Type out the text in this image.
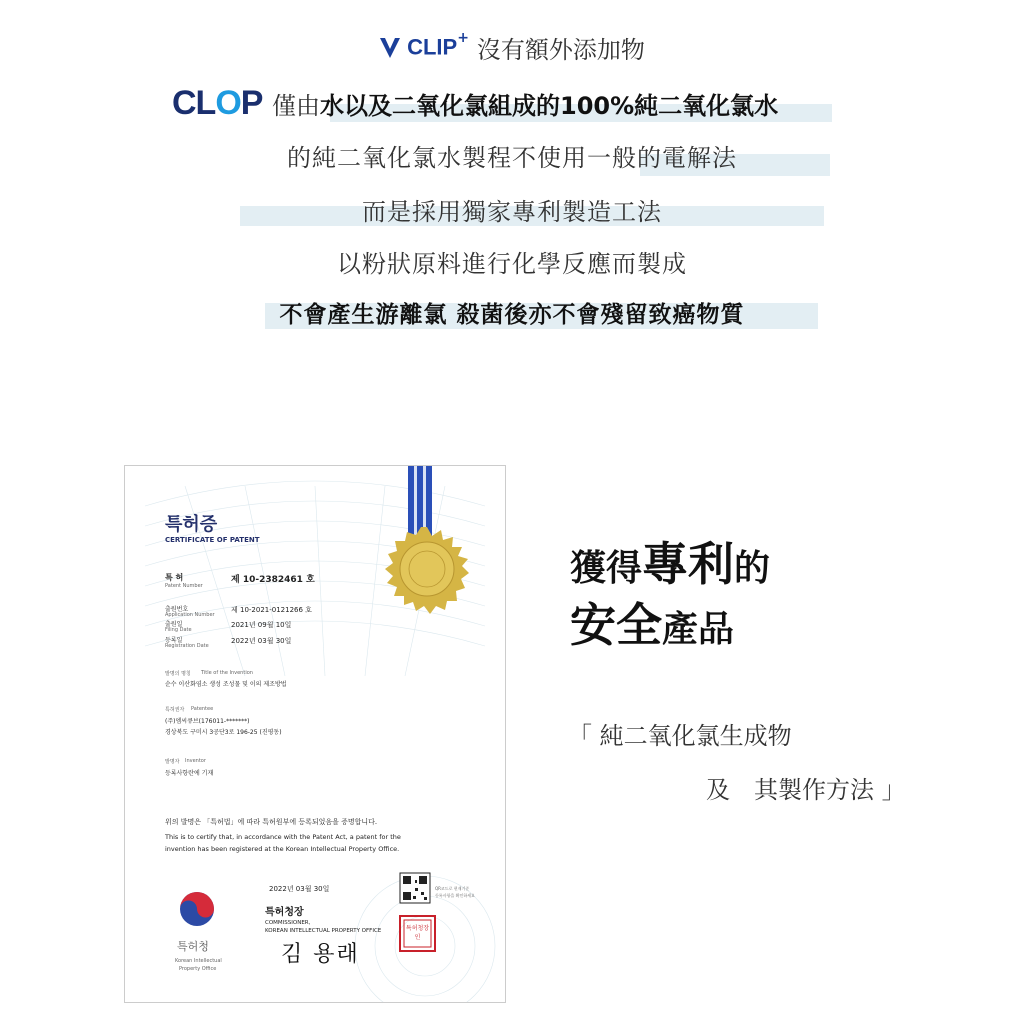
CLIP+ 沒有額外添加物
CLOP 僅由水以及二氧化氯組成的100%純二氧化氯水
的純二氧化氯水製程不使用一般的電解法
而是採用獨家專利製造工法
以粉狀原料進行化學反應而製成
不會產生游離氯 殺菌後亦不會殘留致癌物質
특허증
CERTIFICATE OF PATENT
특 허
Patent Number
제 10-2382461 호
출원번호
Application Number
제 10-2021-0121266 호
출원일
Filing Date
2021년 09월 10일
등록일
Registration Date
2022년 03월 30일
발명의 명칭 Title of the Invention
순수 이산화염소 생성 조성물 및 이의 제조방법
특허권자 Patentee
(주)엠씨큐브(176011-*******)
경상북도 구미시 3공단3로 196-25 (진평동)
발명자 Inventor
등록사항란에 기재
위의 발명은 「특허법」에 따라 특허원부에 등록되었음을 증명합니다.
This is to certify that, in accordance with the Patent Act, a patent for the
invention has been registered at the Korean Intellectual Property Office.
2022년 03월 30일	QR코드로 현재기준
등록사항을 확인하세요
특허청장
COMMISSIONER,
KOREAN INTELLECTUAL PROPERTY OFFICE
김 용래
특허청장인
특허청
Korean Intellectual
Property Office
獲得專利的
安全產品
「 純二氧化氯生成物
及　其製作方法 」
